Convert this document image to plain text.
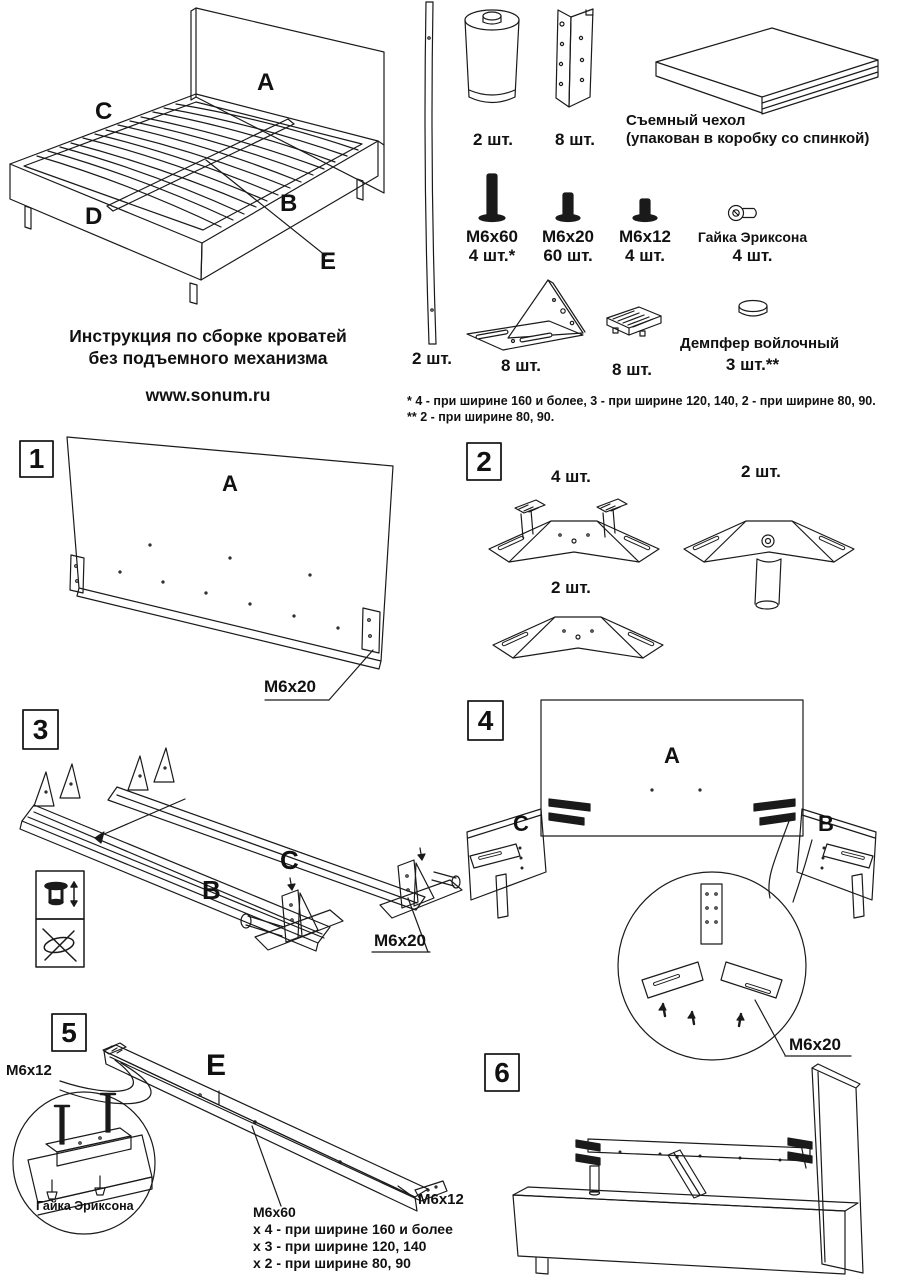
Инструкция по сборке кроватей
без подъемного механизма
www.sonum.ru
A
C
D	B
E
2 шт.
2 шт. 8 шт.
Съемный чехол
(упакован в коробку со спинкой)
M6x60
4 шт.*
M6x20
60 шт.
M6x12
4 шт.
Гайка Эриксона
4 шт.
8 шт.	8 шт.
Демпфер войлочный
3 шт.**
* 4 - при ширине 160 и более, 3 - при ширине 120, 140, 2 - при ширине 80, 90.
** 2 - при ширине 80, 90.
1	2
3	4
5
6
A
M6x20
4 шт.	2 шт.
2 шт.
B
C
M6x20
A
C	B
M6x20
M6x12	E
Гайка Эриксона	M6x60
x 4 - при ширине 160 и более
x 3 - при ширине 120, 140
x 2 - при ширине 80, 90
M6x12
